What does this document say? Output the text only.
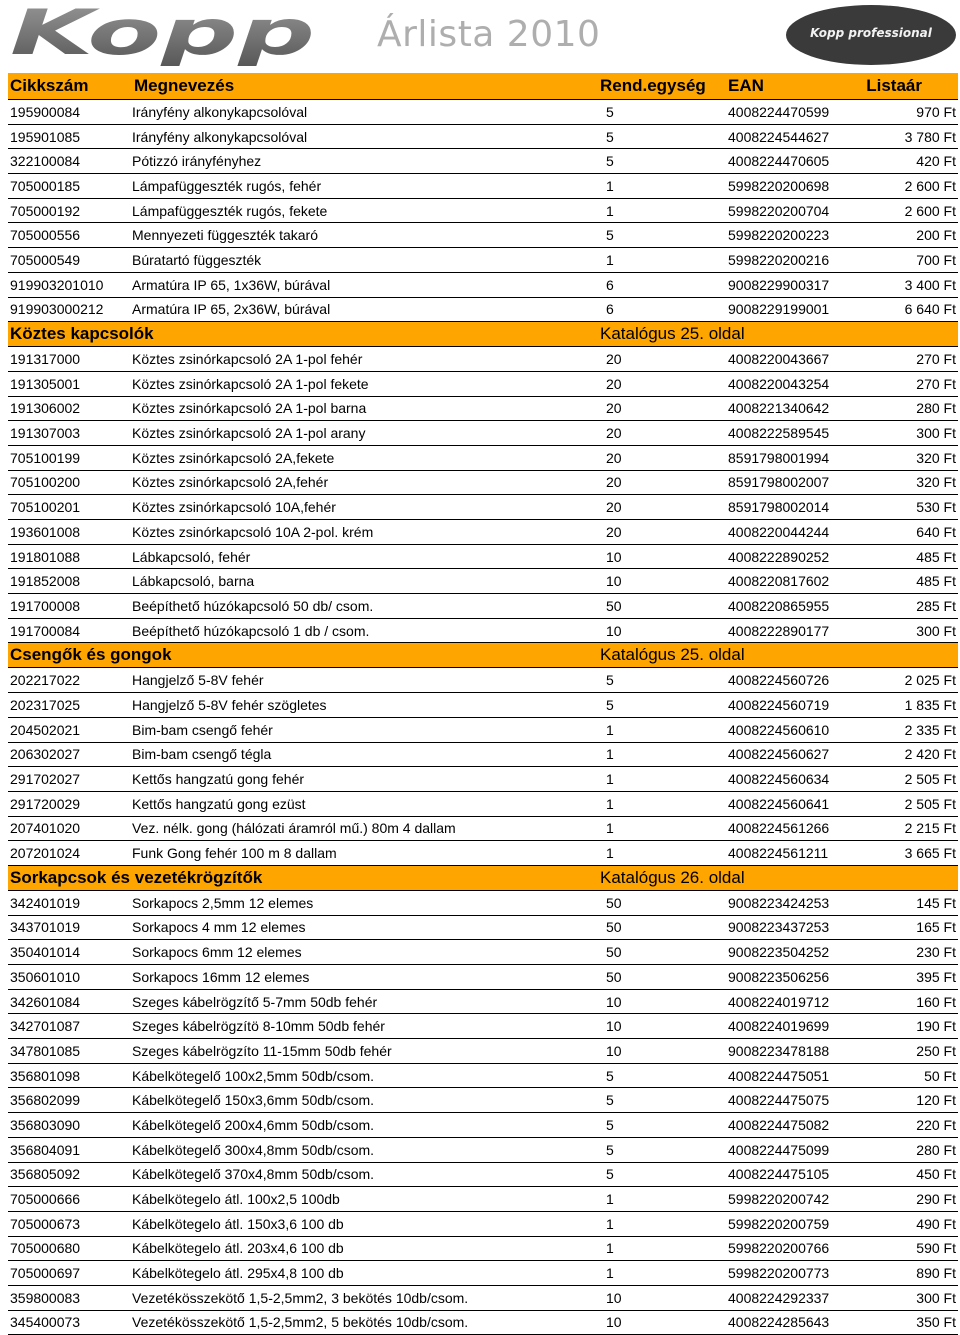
Kopp Árlista 2010	Kopp professional
Cikkszám	Megnevezés	Rend.egység	EAN	Listaár
195900084	Irányfény alkonykapcsolóval	5	4008224470599	970 Ft
195901085	Irányfény alkonykapcsolóval	5	4008224544627	3 780 Ft
322100084	Pótizzó irányfényhez	5	4008224470605	420 Ft
705000185	Lámpafüggeszték rugós, fehér	1	5998220200698	2 600 Ft
705000192	Lámpafüggeszték rugós, fekete	1	5998220200704	2 600 Ft
705000556	Mennyezeti függeszték takaró	5	5998220200223	200 Ft
705000549	Búratartó függeszték	1	5998220200216	700 Ft
919903201010	Armatúra IP 65, 1x36W, búrával	6	9008229900317	3 400 Ft
919903000212	Armatúra IP 65, 2x36W, búrával	6	9008229199001	6 640 Ft
Köztes kapcsolók		Katalógus 25. oldal		
191317000	Köztes zsinórkapcsoló 2A 1-pol fehér	20	4008220043667	270 Ft
191305001	Köztes zsinórkapcsoló 2A 1-pol fekete	20	4008220043254	270 Ft
191306002	Köztes zsinórkapcsoló 2A 1-pol barna	20	4008221340642	280 Ft
191307003	Köztes zsinórkapcsoló 2A 1-pol arany	20	4008222589545	300 Ft
705100199	Köztes zsinórkapcsoló 2A,fekete	20	8591798001994	320 Ft
705100200	Köztes zsinórkapcsoló 2A,fehér	20	8591798002007	320 Ft
705100201	Köztes zsinórkapcsoló 10A,fehér	20	8591798002014	530 Ft
193601008	Köztes zsinórkapcsoló 10A 2-pol. krém	20	4008220044244	640 Ft
191801088	Lábkapcsoló, fehér	10	4008222890252	485 Ft
191852008	Lábkapcsoló, barna	10	4008220817602	485 Ft
191700008	Beépíthető húzókapcsoló 50 db/ csom.	50	4008220865955	285 Ft
191700084	Beépíthető húzókapcsoló 1 db / csom.	10	4008222890177	300 Ft
Csengők és gongok		Katalógus 25. oldal		
202217022	Hangjelző 5-8V fehér	5	4008224560726	2 025 Ft
202317025	Hangjelző 5-8V fehér szögletes	5	4008224560719	1 835 Ft
204502021	Bim-bam csengő fehér	1	4008224560610	2 335 Ft
206302027	Bim-bam csengő tégla	1	4008224560627	2 420 Ft
291702027	Kettős hangzatú gong fehér	1	4008224560634	2 505 Ft
291720029	Kettős hangzatú gong ezüst	1	4008224560641	2 505 Ft
207401020	Vez. nélk. gong (hálózati áramról mű.) 80m 4 dallam	1	4008224561266	2 215 Ft
207201024	Funk Gong fehér 100 m 8 dallam	1	4008224561211	3 665 Ft
Sorkapcsok és vezetékrögzítők		Katalógus 26. oldal		
342401019	Sorkapocs 2,5mm 12 elemes	50	9008223424253	145 Ft
343701019	Sorkapocs 4 mm 12 elemes	50	9008223437253	165 Ft
350401014	Sorkapocs 6mm 12 elemes	50	9008223504252	230 Ft
350601010	Sorkapocs 16mm 12 elemes	50	9008223506256	395 Ft
342601084	Szeges kábelrögzítő 5-7mm 50db fehér	10	4008224019712	160 Ft
342701087	Szeges kábelrögzítö 8-10mm 50db fehér	10	4008224019699	190 Ft
347801085	Szeges kábelrögzíto 11-15mm 50db fehér	10	9008223478188	250 Ft
356801098	Kábelkötegelő 100x2,5mm 50db/csom.	5	4008224475051	50 Ft
356802099	Kábelkötegelő 150x3,6mm 50db/csom.	5	4008224475075	120 Ft
356803090	Kábelkötegelő 200x4,6mm 50db/csom.	5	4008224475082	220 Ft
356804091	Kábelkötegelő 300x4,8mm 50db/csom.	5	4008224475099	280 Ft
356805092	Kábelkötegelő 370x4,8mm 50db/csom.	5	4008224475105	450 Ft
705000666	Kábelkötegelo átl. 100x2,5 100db	1	5998220200742	290 Ft
705000673	Kábelkötegelo átl. 150x3,6 100 db	1	5998220200759	490 Ft
705000680	Kábelkötegelo átl. 203x4,6 100 db	1	5998220200766	590 Ft
705000697	Kábelkötegelo átl. 295x4,8 100 db	1	5998220200773	890 Ft
359800083	Vezetékösszekötő 1,5-2,5mm2, 3 bekötés 10db/csom.	10	4008224292337	300 Ft
345400073	Vezetékösszekötő 1,5-2,5mm2, 5 bekötés 10db/csom.	10	4008224285643	350 Ft
